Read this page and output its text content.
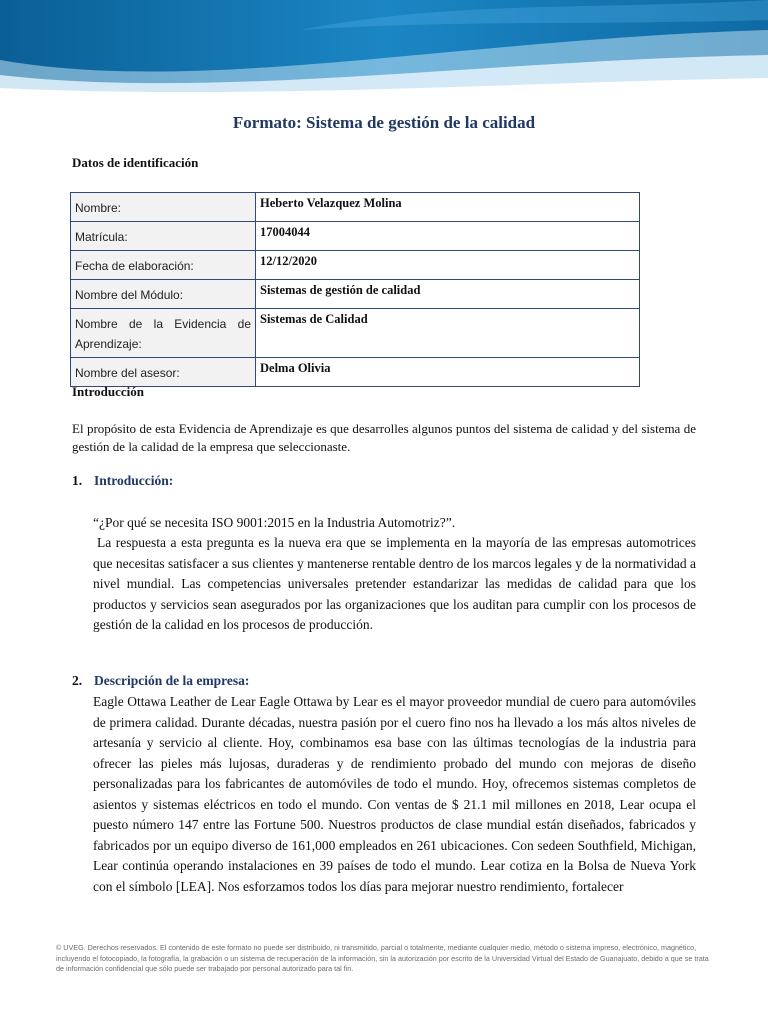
Formato: Sistema de gestión de la calidad
Datos de identificación
Nombre:	Heberto Velazquez Molina
Matrícula:	17004044
Fecha de elaboración:	12/12/2020
Nombre del Módulo:	Sistemas de gestión de calidad
Nombre de la Evidencia de Aprendizaje:	Sistemas de Calidad
Nombre del asesor:	Delma Olivia
Introducción
El propósito de esta Evidencia de Aprendizaje es que desarrolles algunos puntos del sistema de calidad y del sistema de gestión de la calidad de la empresa que seleccionaste.
1. Introducción:
“¿Por qué se necesita ISO 9001:2015 en la Industria Automotriz?”.
La respuesta a esta pregunta es la nueva era que se implementa en la mayoría de las empresas automotrices que necesitas satisfacer a sus clientes y mantenerse rentable dentro de los marcos legales y de la normatividad a nivel mundial. Las competencias universales pretender estandarizar las medidas de calidad para que los productos y servicios sean asegurados por las organizaciones que los auditan para cumplir con los procesos de gestión de la calidad en los procesos de producción.
2. Descripción de la empresa:
Eagle Ottawa Leather de Lear Eagle Ottawa by Lear es el mayor proveedor mundial de cuero para automóviles de primera calidad. Durante décadas, nuestra pasión por el cuero fino nos ha llevado a los más altos niveles de artesanía y servicio al cliente. Hoy, combinamos esa base con las últimas tecnologías de la industria para ofrecer las pieles más lujosas, duraderas y de rendimiento probado del mundo con mejoras de diseño personalizadas para los fabricantes de automóviles de todo el mundo. Hoy, ofrecemos sistemas completos de asientos y sistemas eléctricos en todo el mundo. Con ventas de $ 21.1 mil millones en 2018, Lear ocupa el puesto número 147 entre las Fortune 500. Nuestros productos de clase mundial están diseñados, fabricados y fabricados por un equipo diverso de 161,000 empleados en 261 ubicaciones. Con sedeen Southfield, Michigan, Lear continúa operando instalaciones en 39 países de todo el mundo. Lear cotiza en la Bolsa de Nueva York con el símbolo [LEA]. Nos esforzamos todos los días para mejorar nuestro rendimiento, fortalecer
© UVEG. Derechos reservados. El contenido de este formato no puede ser distribuido, ni transmitido, parcial o totalmente, mediante cualquier medio, método o sistema impreso, electrónico, magnético, incluyendo el fotocopiado, la fotografía, la grabación o un sistema de recuperación de la información, sin la autorización por escrito de la Universidad Virtual del Estado de Guanajuato, debido a que se trata de información confidencial que sólo puede ser trabajado por personal autorizado para tal fin.
